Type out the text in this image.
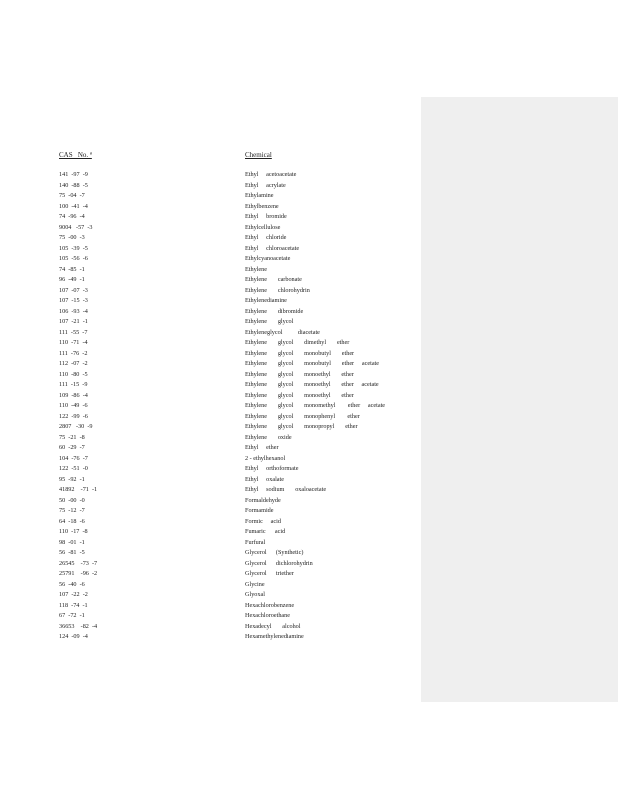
CAS   No. ª	Chemical
141  -97  -9
140  -88  -5
75  -04  -7
100  -41  -4
74  -96  -4
9004   -57  -3
75  -00  -3
105  -39  -5
105  -56  -6
74  -85  -1
96  -49  -1
107  -07  -3
107  -15  -3
106  -93  -4
107  -21  -1
111  -55  -7
110  -71  -4
111  -76  -2
112  -07  -2
110  -80  -5
111  -15  -9
109  -86  -4
110  -49  -6
122  -99  -6
2807   -30  -9
75  -21  -8
60  -29  -7
104  -76  -7
122  -51  -0
95  -92  -1
41892    -71  -1
50  -00  -0
75  -12  -7
64  -18  -6
110  -17  -8
98  -01  -1
56  -81  -5
26545    -73  -7
25791    -96  -2
56  -40  -6
107  -22  -2
118  -74  -1
67  -72  -1
36653    -82  -4
124  -09  -4
Ethyl     acetoacetate
Ethyl     acrylate
Ethylamine
Ethylbenzene
Ethyl     bromide
Ethylcellulose
Ethyl     chloride
Ethyl     chloroacetate
Ethylcyanoacetate
Ethylene
Ethylene       carbonate
Ethylene       chlorohydrin
Ethylenediamine
Ethylene       dibromide
Ethylene       glycol
Ethyleneglycol          diacetate
Ethylene       glycol       dimethyl       ether
Ethylene       glycol       monobutyl       ether
Ethylene       glycol       monobutyl       ether     acetate
Ethylene       glycol       monoethyl       ether
Ethylene       glycol       monoethyl       ether     acetate
Ethylene       glycol       monoethyl       ether
Ethylene       glycol       monomethyl        ether     acetate
Ethylene       glycol       monophenyl        ether
Ethylene       glycol       monopropyl       ether
Ethylene       oxide
Ethyl     ether
2 - ethylhexanol
Ethyl     orthoformate
Ethyl     oxalate
Ethyl     sodium       oxaloacetate
Formaldehyde
Formamide
Formic     acid
Fumaric      acid
Furfural
Glycerol      (Synthetic)
Glycerol      dichlorohydrin
Glycerol      triether
Glycine
Glyoxal
Hexachlorobenzene
Hexachloroethane
Hexadecyl       alcohol
Hexamethylenediamine
